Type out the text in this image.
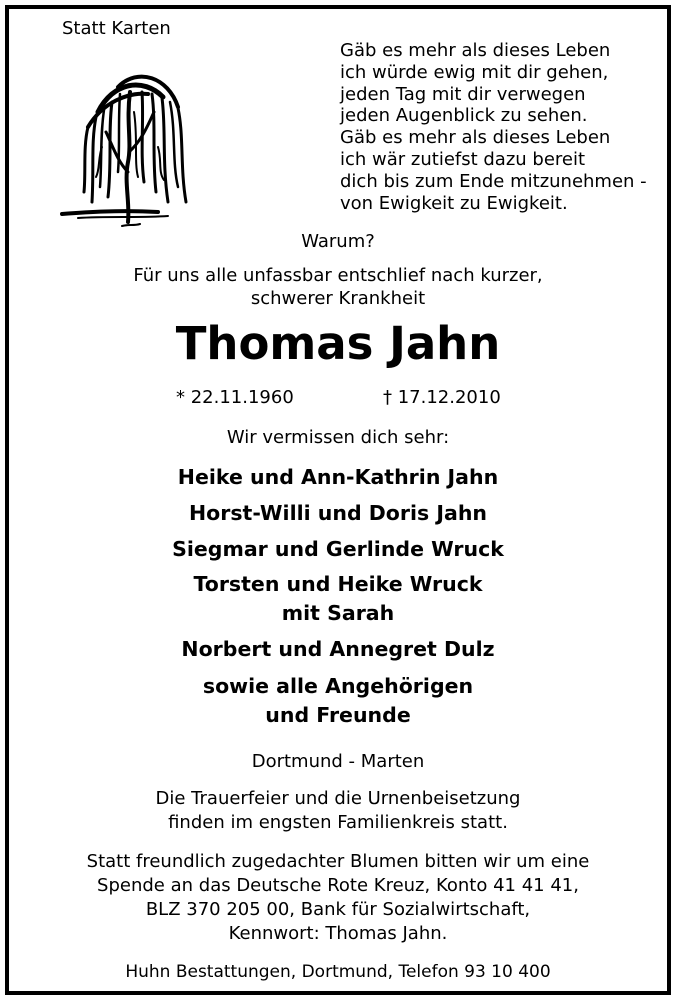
Statt Karten
Gäb es mehr als dieses Leben
ich würde ewig mit dir gehen,
jeden Tag mit dir verwegen
jeden Augenblick zu sehen.
Gäb es mehr als dieses Leben
ich wär zutiefst dazu bereit
dich bis zum Ende mitzunehmen -
von Ewigkeit zu Ewigkeit.
Warum?
Für uns alle unfassbar entschlief nach kurzer,
schwerer Krankheit
Thomas Jahn
* 22.11.1960	† 17.12.2010
Wir vermissen dich sehr:
Heike und Ann-Kathrin Jahn
Horst-Willi und Doris Jahn
Siegmar und Gerlinde Wruck
Torsten und Heike Wruck
mit Sarah
Norbert und Annegret Dulz
sowie alle Angehörigen
und Freunde
Dortmund - Marten
Die Trauerfeier und die Urnenbeisetzung
finden im engsten Familienkreis statt.
Statt freundlich zugedachter Blumen bitten wir um eine
Spende an das Deutsche Rote Kreuz, Konto 41 41 41,
BLZ 370 205 00, Bank für Sozialwirtschaft,
Kennwort: Thomas Jahn.
Huhn Bestattungen, Dortmund, Telefon 93 10 400
